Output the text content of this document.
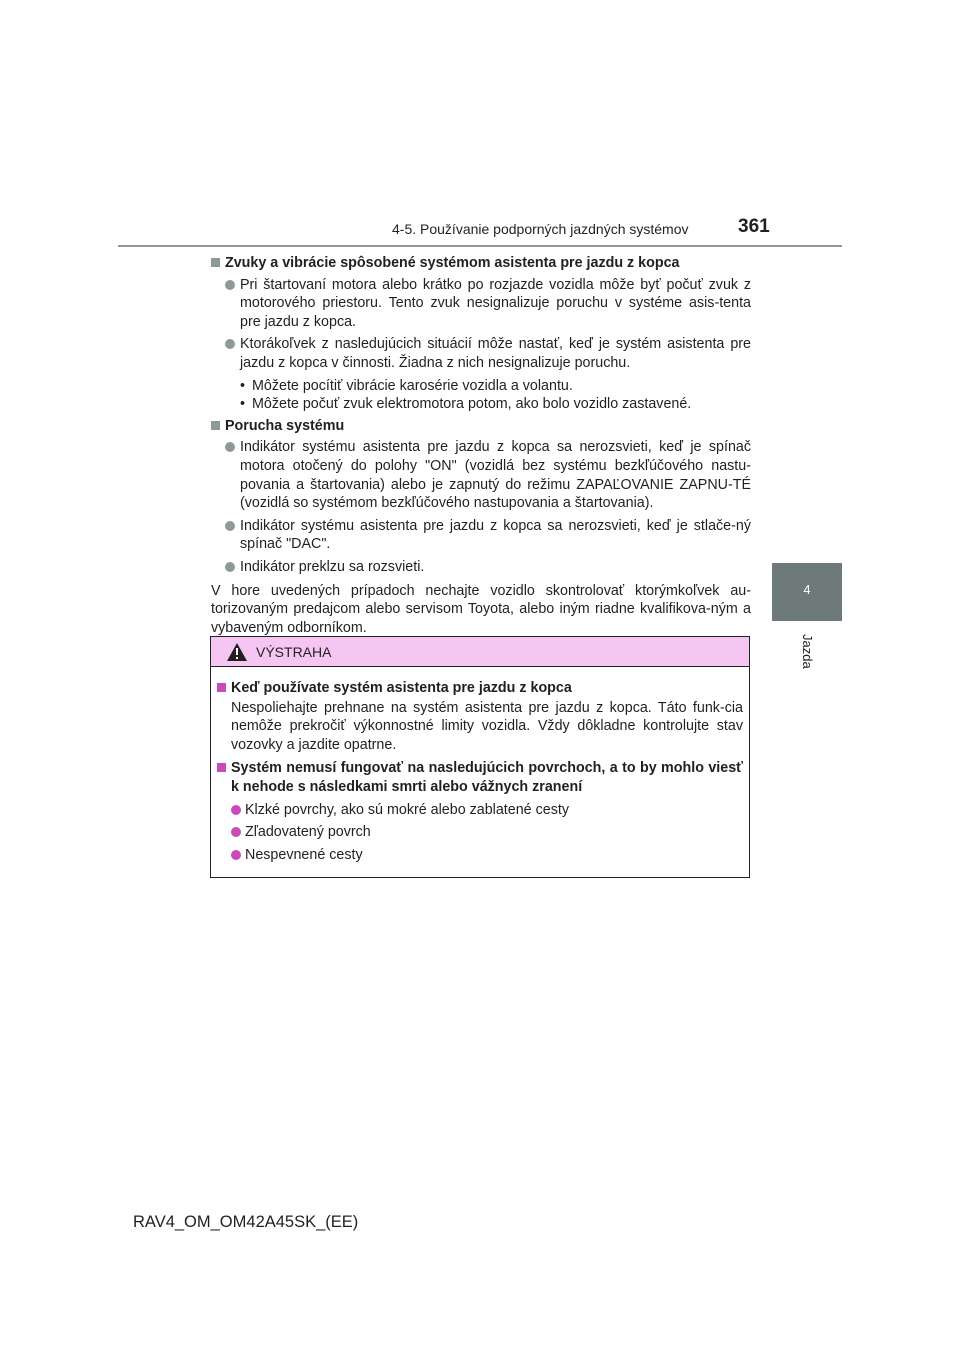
4-5. Používanie podporných jazdných systémov	361
4
Jazda
Zvuky a vibrácie spôsobené systémom asistenta pre jazdu z kopca
Pri štartovaní motora alebo krátko po rozjazde vozidla môže byť počuť zvuk z motorového priestoru. Tento zvuk nesignalizuje poruchu v systéme asis-tenta pre jazdu z kopca.
Ktorákoľvek z nasledujúcich situácií môže nastať, keď je systém asistenta pre jazdu z kopca v činnosti. Žiadna z nich nesignalizuje poruchu.
• Môžete pocítiť vibrácie karosérie vozidla a volantu.
• Môžete počuť zvuk elektromotora potom, ako bolo vozidlo zastavené.
Porucha systému
Indikátor systému asistenta pre jazdu z kopca sa nerozsvieti, keď je spínač motora otočený do polohy "ON" (vozidlá bez systému bezkľúčového nastu-povania a štartovania) alebo je zapnutý do režimu ZAPAĽOVANIE ZAPNU-TÉ (vozidlá so systémom bezkľúčového nastupovania a štartovania).
Indikátor systému asistenta pre jazdu z kopca sa nerozsvieti, keď je stlače-ný spínač "DAC".
Indikátor preklzu sa rozsvieti.
V hore uvedených prípadoch nechajte vozidlo skontrolovať ktorýmkoľvek au-torizovaným predajcom alebo servisom Toyota, alebo iným riadne kvalifikova-ným a vybaveným odborníkom.
VÝSTRAHA
Keď používate systém asistenta pre jazdu z kopca
Nespoliehajte prehnane na systém asistenta pre jazdu z kopca. Táto funk-cia nemôže prekročiť výkonnostné limity vozidla. Vždy dôkladne kontrolujte stav vozovky a jazdite opatrne.
Systém nemusí fungovať na nasledujúcich povrchoch, a to by mohlo viesť k nehode s následkami smrti alebo vážnych zranení
Klzké povrchy, ako sú mokré alebo zablatené cesty
Zľadovatený povrch
Nespevnené cesty
RAV4_OM_OM42A45SK_(EE)
